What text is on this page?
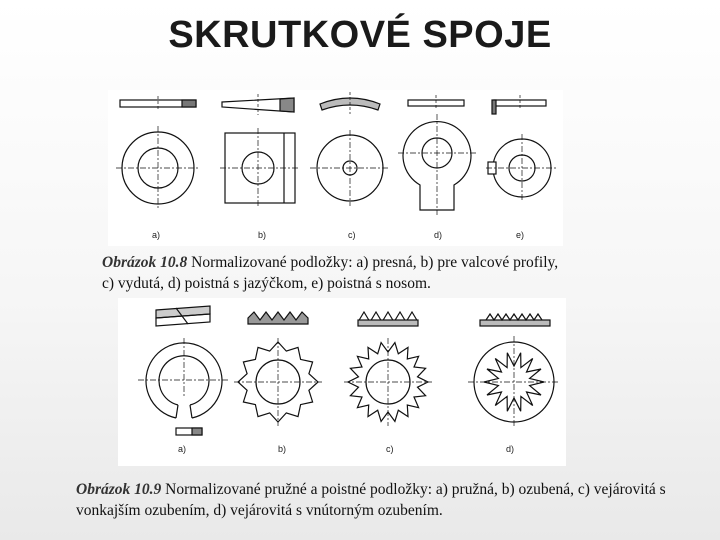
SKRUTKOVÉ SPOJE
a)	b)	c)	d)	e)
Obrázok 10.8 Normalizované podložky: a) presná, b) pre valcové profily, c) vydutá, d) poistná s jazýčkom, e) poistná s nosom.
a)	b)	c)	d)
Obrázok 10.9 Normalizované pružné a poistné podložky: a) pružná, b) ozubená, c) vejárovitá s vonkajším ozubením, d) vejárovitá s vnútorným ozubením.
